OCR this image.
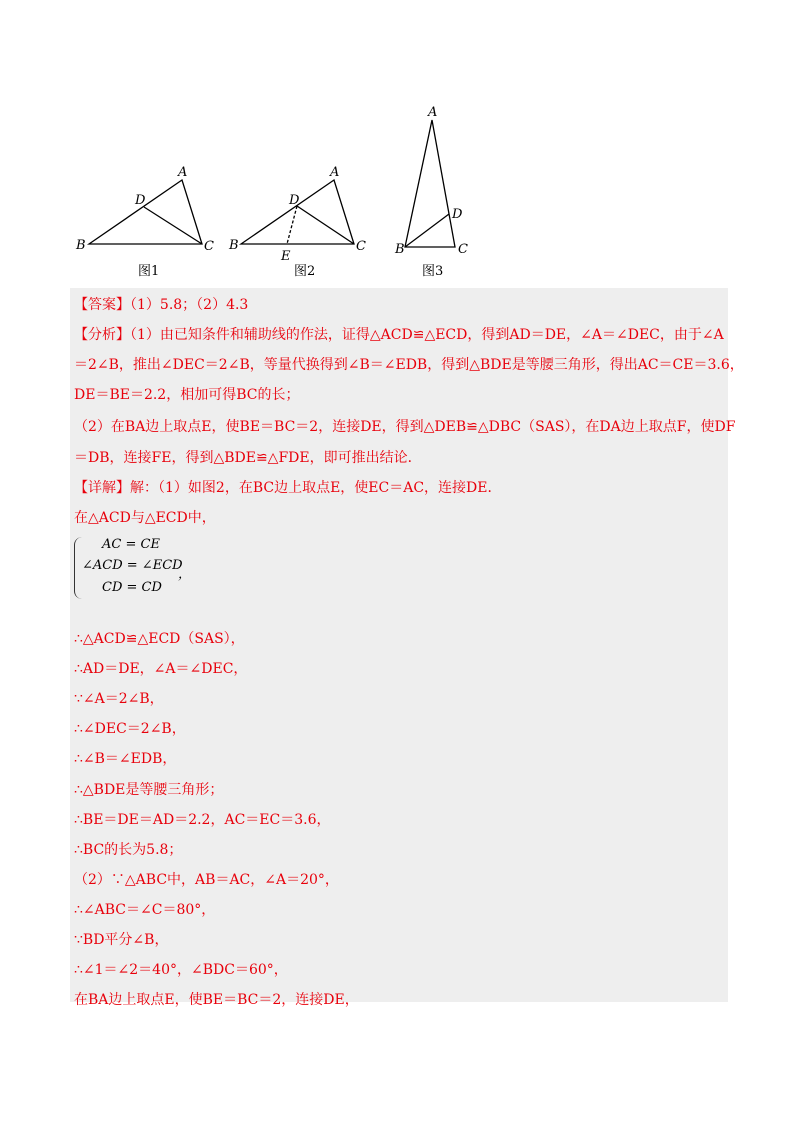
A
B	C
D
A
B	C
D
E
A
B	C
D
图1	图2	图3
【答案】（1）5.8；（2）4.3
【分析】（1）由已知条件和辅助线的作法，证得△ACD≌△ECD，得到AD＝DE，∠A＝∠DEC，由于∠A
＝2∠B，推出∠DEC＝2∠B，等量代换得到∠B＝∠EDB，得到△BDE是等腰三角形，得出AC＝CE＝3.6，
DE＝BE＝2.2，相加可得BC的长；
（2）在BA边上取点E，使BE＝BC＝2，连接DE，得到△DEB≌△DBC（SAS），在DA边上取点F，使DF
＝DB，连接FE，得到△BDE≌△FDE，即可推出结论．
【详解】解：（1）如图2，在BC边上取点E，使EC＝AC，连接DE．
在△ACD与△ECD中，
AC = CE
∠ACD = ∠ECD
，
CD = CD
∴△ACD≌△ECD（SAS），
∴AD＝DE，∠A＝∠DEC，
∵∠A＝2∠B，
∴∠DEC＝2∠B，
∴∠B＝∠EDB，
∴△BDE是等腰三角形；
∴BE＝DE＝AD＝2.2，AC＝EC＝3.6，
∴BC的长为5.8；
（2）∵△ABC中，AB＝AC，∠A＝20°，
∴∠ABC＝∠C＝80°，
∵BD平分∠B，
∴∠1＝∠2＝40°，∠BDC＝60°，
在BA边上取点E，使BE＝BC＝2，连接DE，
